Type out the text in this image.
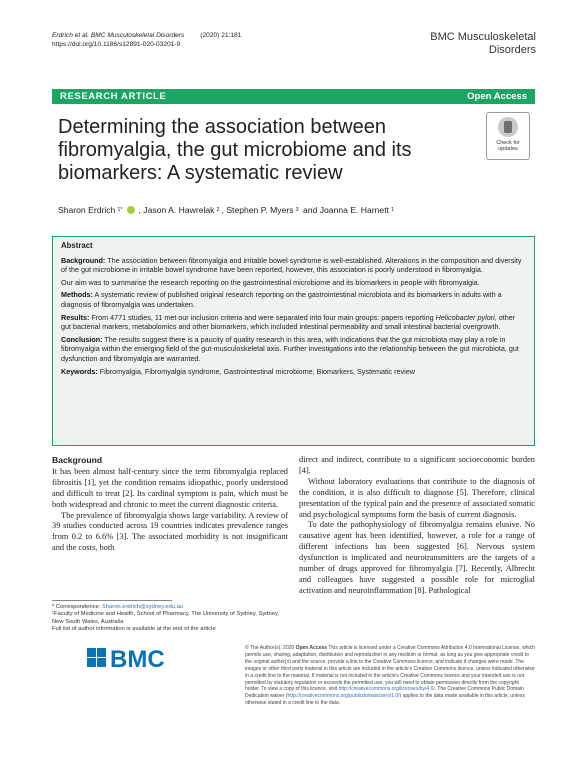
Erdrich et al. BMC Musculoskeletal Disorders (2020) 21:181
https://doi.org/10.1186/s12891-020-03201-9
BMC Musculoskeletal
Disorders
RESEARCH ARTICLE	Open Access
Determining the association between fibromyalgia, the gut microbiome and its biomarkers: A systematic review
Check for
updates
Sharon Erdrich 1* , Jason A. Hawrelak 2 , Stephen P. Myers 3 and Joanna E. Harnett 1
Abstract

Background: The association between fibromyalgia and irritable bowel syndrome is well-established. Alterations in the composition and diversity of the gut microbiome in irritable bowel syndrome have been reported, however, this association is poorly understood in fibromyalgia.

Our aim was to summarise the research reporting on the gastrointestinal microbiome and its biomarkers in people with fibromyalgia.

Methods: A systematic review of published original research reporting on the gastrointestinal microbiota and its biomarkers in adults with a diagnosis of fibromyalgia was undertaken.

Results: From 4771 studies, 11 met our inclusion criteria and were separated into four main groups: papers reporting Helicobacter pylori, other gut bacterial markers, metabolomics and other biomarkers, which included intestinal permeability and small intestinal bacterial overgrowth.

Conclusion: The results suggest there is a paucity of quality research in this area, with indications that the gut microbiota may play a role in fibromyalgia within the emerging field of the gut-musculoskeletal axis. Further investigations into the relationship between the gut microbiota, gut dysfunction and fibromyalgia are warranted.

Keywords: Fibromyalgia, Fibromyalgia syndrome, Gastrointestinal microbiome, Biomarkers, Systematic review

Background

It has been almost half-century since the term fibromyalgia replaced fibrositis [1], yet the condition remains idiopathic, poorly understood and difficult to treat [2]. Its cardinal symptom is pain, which must be both widespread and chronic to meet the current diagnostic criteria.

The prevalence of fibromyalgia shows large variability. A review of 39 studies conducted across 19 countries indicates prevalence ranges from 0.2 to 6.6% [3]. The associated morbidity is not insignificant and the costs, both

direct and indirect, contribute to a significant socioeconomic burden [4].

Without laboratory evaluations that contribute to the diagnosis of the condition, it is also difficult to diagnose [5]. Therefore, clinical presentation of the typical pain and the presence of associated somatic and psychological symptoms form the basis of current diagnosis.

To date the pathophysiology of fibromyalgia remains elusive. No causative agent has been identified, however, a role for a range of different infections has been suggested [6]. Nervous system dysfunction is implicated and neurotransmitters are the targets of a number of drugs approved for fibromyalgia [7]. Recently, Albrecht and colleagues have suggested a possible role for microglial activation and neuroinflammation [8]. Pathological

* Correspondence: Sharon.erdrich@sydney.edu.au
¹Faculty of Medicine and Health, School of Pharmacy, The University of Sydney, Sydney, New South Wales, Australia
Full list of author information is available at the end of the article
BMC	© The Author(s). 2020 Open Access This article is licensed under a Creative Commons Attribution 4.0 International License, which permits use, sharing, adaptation, distribution and reproduction in any medium or format, as long as you give appropriate credit to the original author(s) and the source, provide a link to the Creative Commons licence, and indicate if changes were made. The images or other third party material in this article are included in the article's Creative Commons licence, unless indicated otherwise in a credit line to the material. If material is not included in the article's Creative Commons licence and your intended use is not permitted by statutory regulation or exceeds the permitted use, you will need to obtain permission directly from the copyright holder. To view a copy of this licence, visit http://creativecommons.org/licenses/by/4.0/. The Creative Commons Public Domain Dedication waiver (http://creativecommons.org/publicdomain/zero/1.0/) applies to the data made available in this article, unless otherwise stated in a credit line to the data.
